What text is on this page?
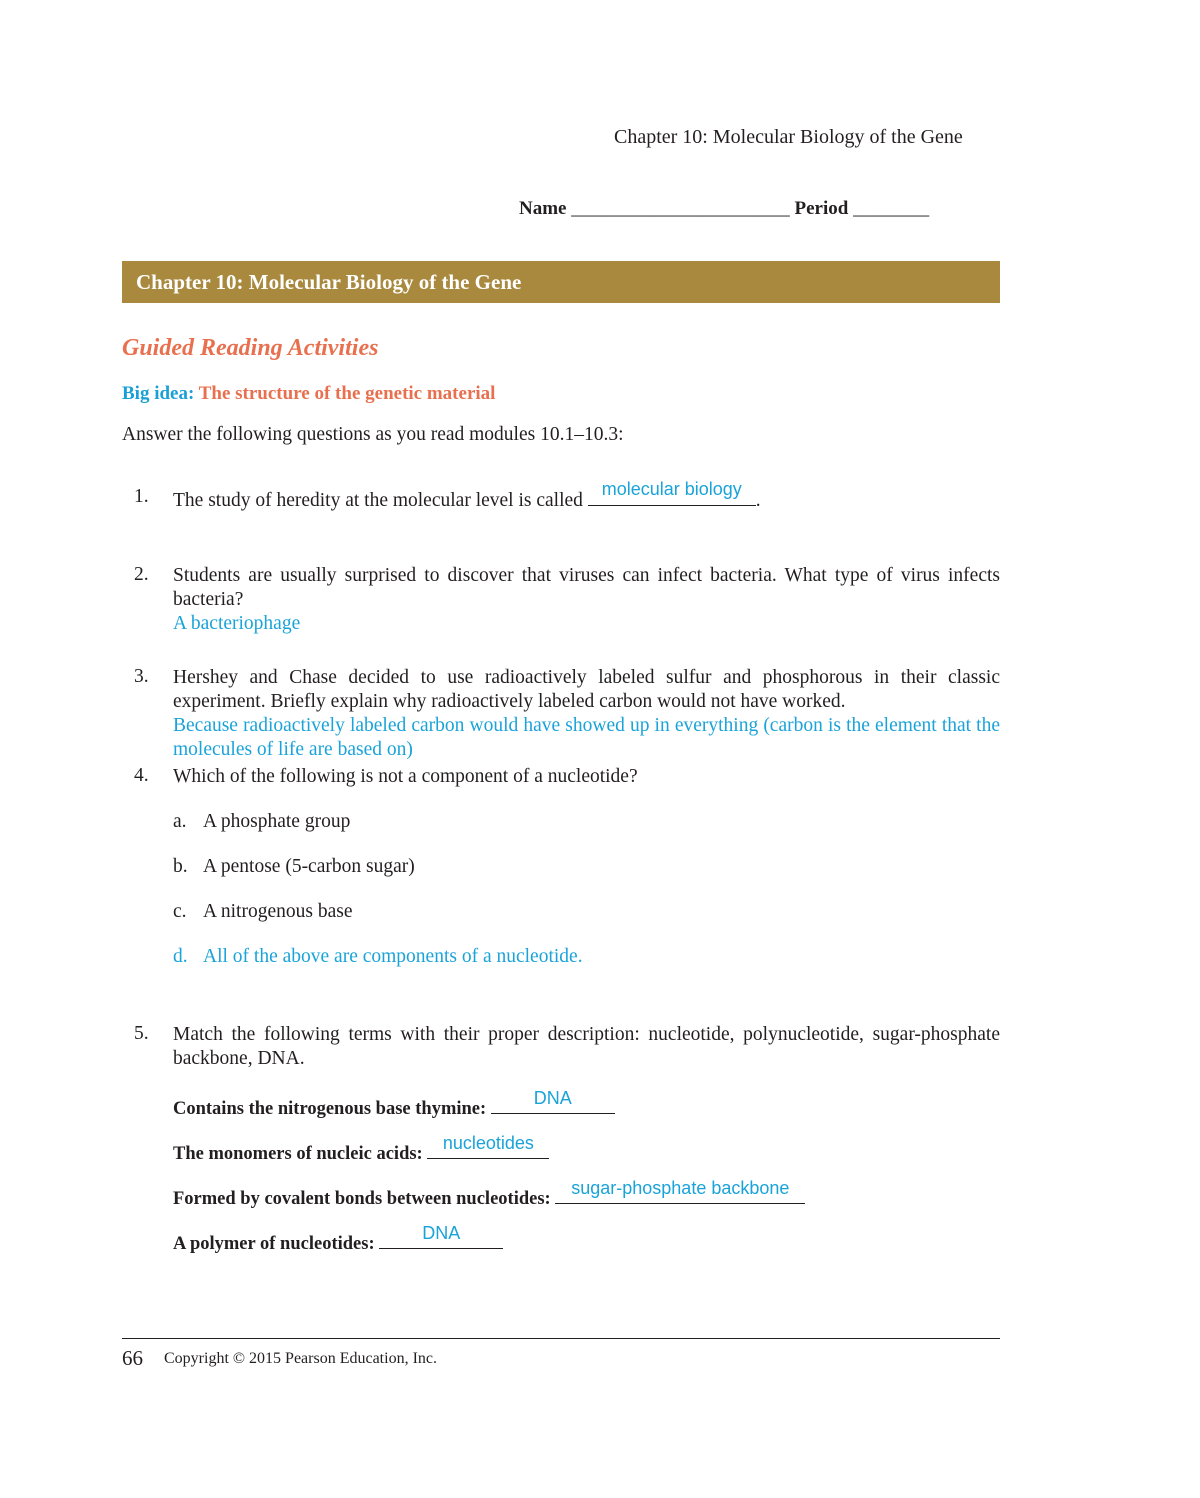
Chapter 10: Molecular Biology of the Gene
Name _______________________ Period ________
Chapter 10: Molecular Biology of the Gene
Guided Reading Activities
Big idea: The structure of the genetic material
Answer the following questions as you read modules 10.1–10.3:
1. The study of heredity at the molecular level is called
molecular biology
.
2. Students are usually surprised to discover that viruses can infect bacteria. What type of virus infects bacteria?
A bacteriophage
3. Hershey and Chase decided to use radioactively labeled sulfur and phosphorous in their classic experiment. Briefly explain why radioactively labeled carbon would not have worked.
Because radioactively labeled carbon would have showed up in everything (carbon is the element that the molecules of life are based on)
4. Which of the following is not a component of a nucleotide?
a. A phosphate group
b. A pentose (5-carbon sugar)
c. A nitrogenous base
d. All of the above are components of a nucleotide.
5. Match the following terms with their proper description: nucleotide, polynucleotide, sugar-phosphate backbone, DNA.
Contains the nitrogenous base thymine:
DNA
The monomers of nucleic acids:
nucleotides
Formed by covalent bonds between nucleotides:
sugar-phosphate backbone
A polymer of nucleotides:
DNA
66 Copyright © 2015 Pearson Education, Inc.
